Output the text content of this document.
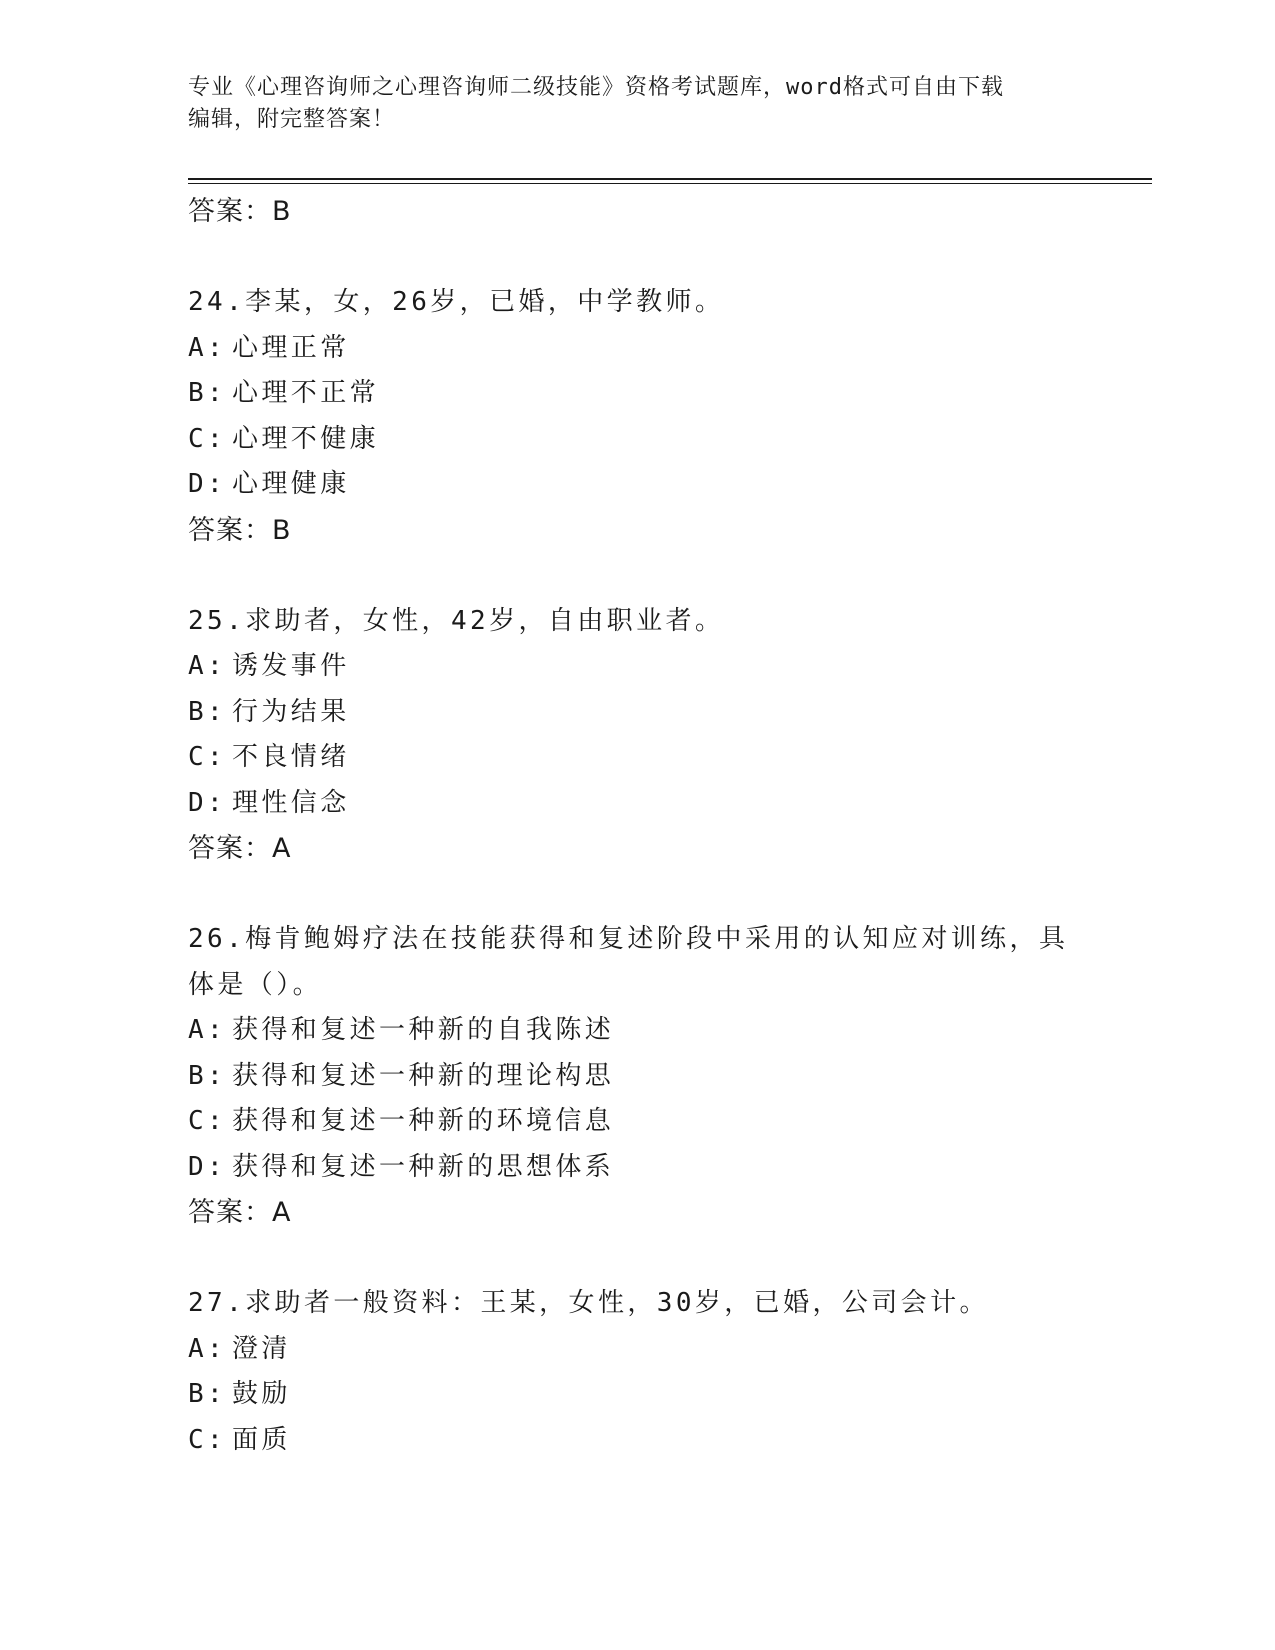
专业《心理咨询师之心理咨询师二级技能》资格考试题库，word格式可自由下载
编辑，附完整答案！
答案：B
24.李某，女，26岁，已婚，中学教师。
A: 心理正常
B: 心理不正常
C: 心理不健康
D: 心理健康
答案：B
25.求助者，女性，42岁，自由职业者。
A: 诱发事件
B: 行为结果
C: 不良情绪
D: 理性信念
答案：A
26.梅肯鲍姆疗法在技能获得和复述阶段中采用的认知应对训练，具体是（）。
A: 获得和复述一种新的自我陈述
B: 获得和复述一种新的理论构思
C: 获得和复述一种新的环境信息
D: 获得和复述一种新的思想体系
答案：A
27.求助者一般资料：王某，女性，30岁，已婚，公司会计。
A: 澄清
B: 鼓励
C: 面质
